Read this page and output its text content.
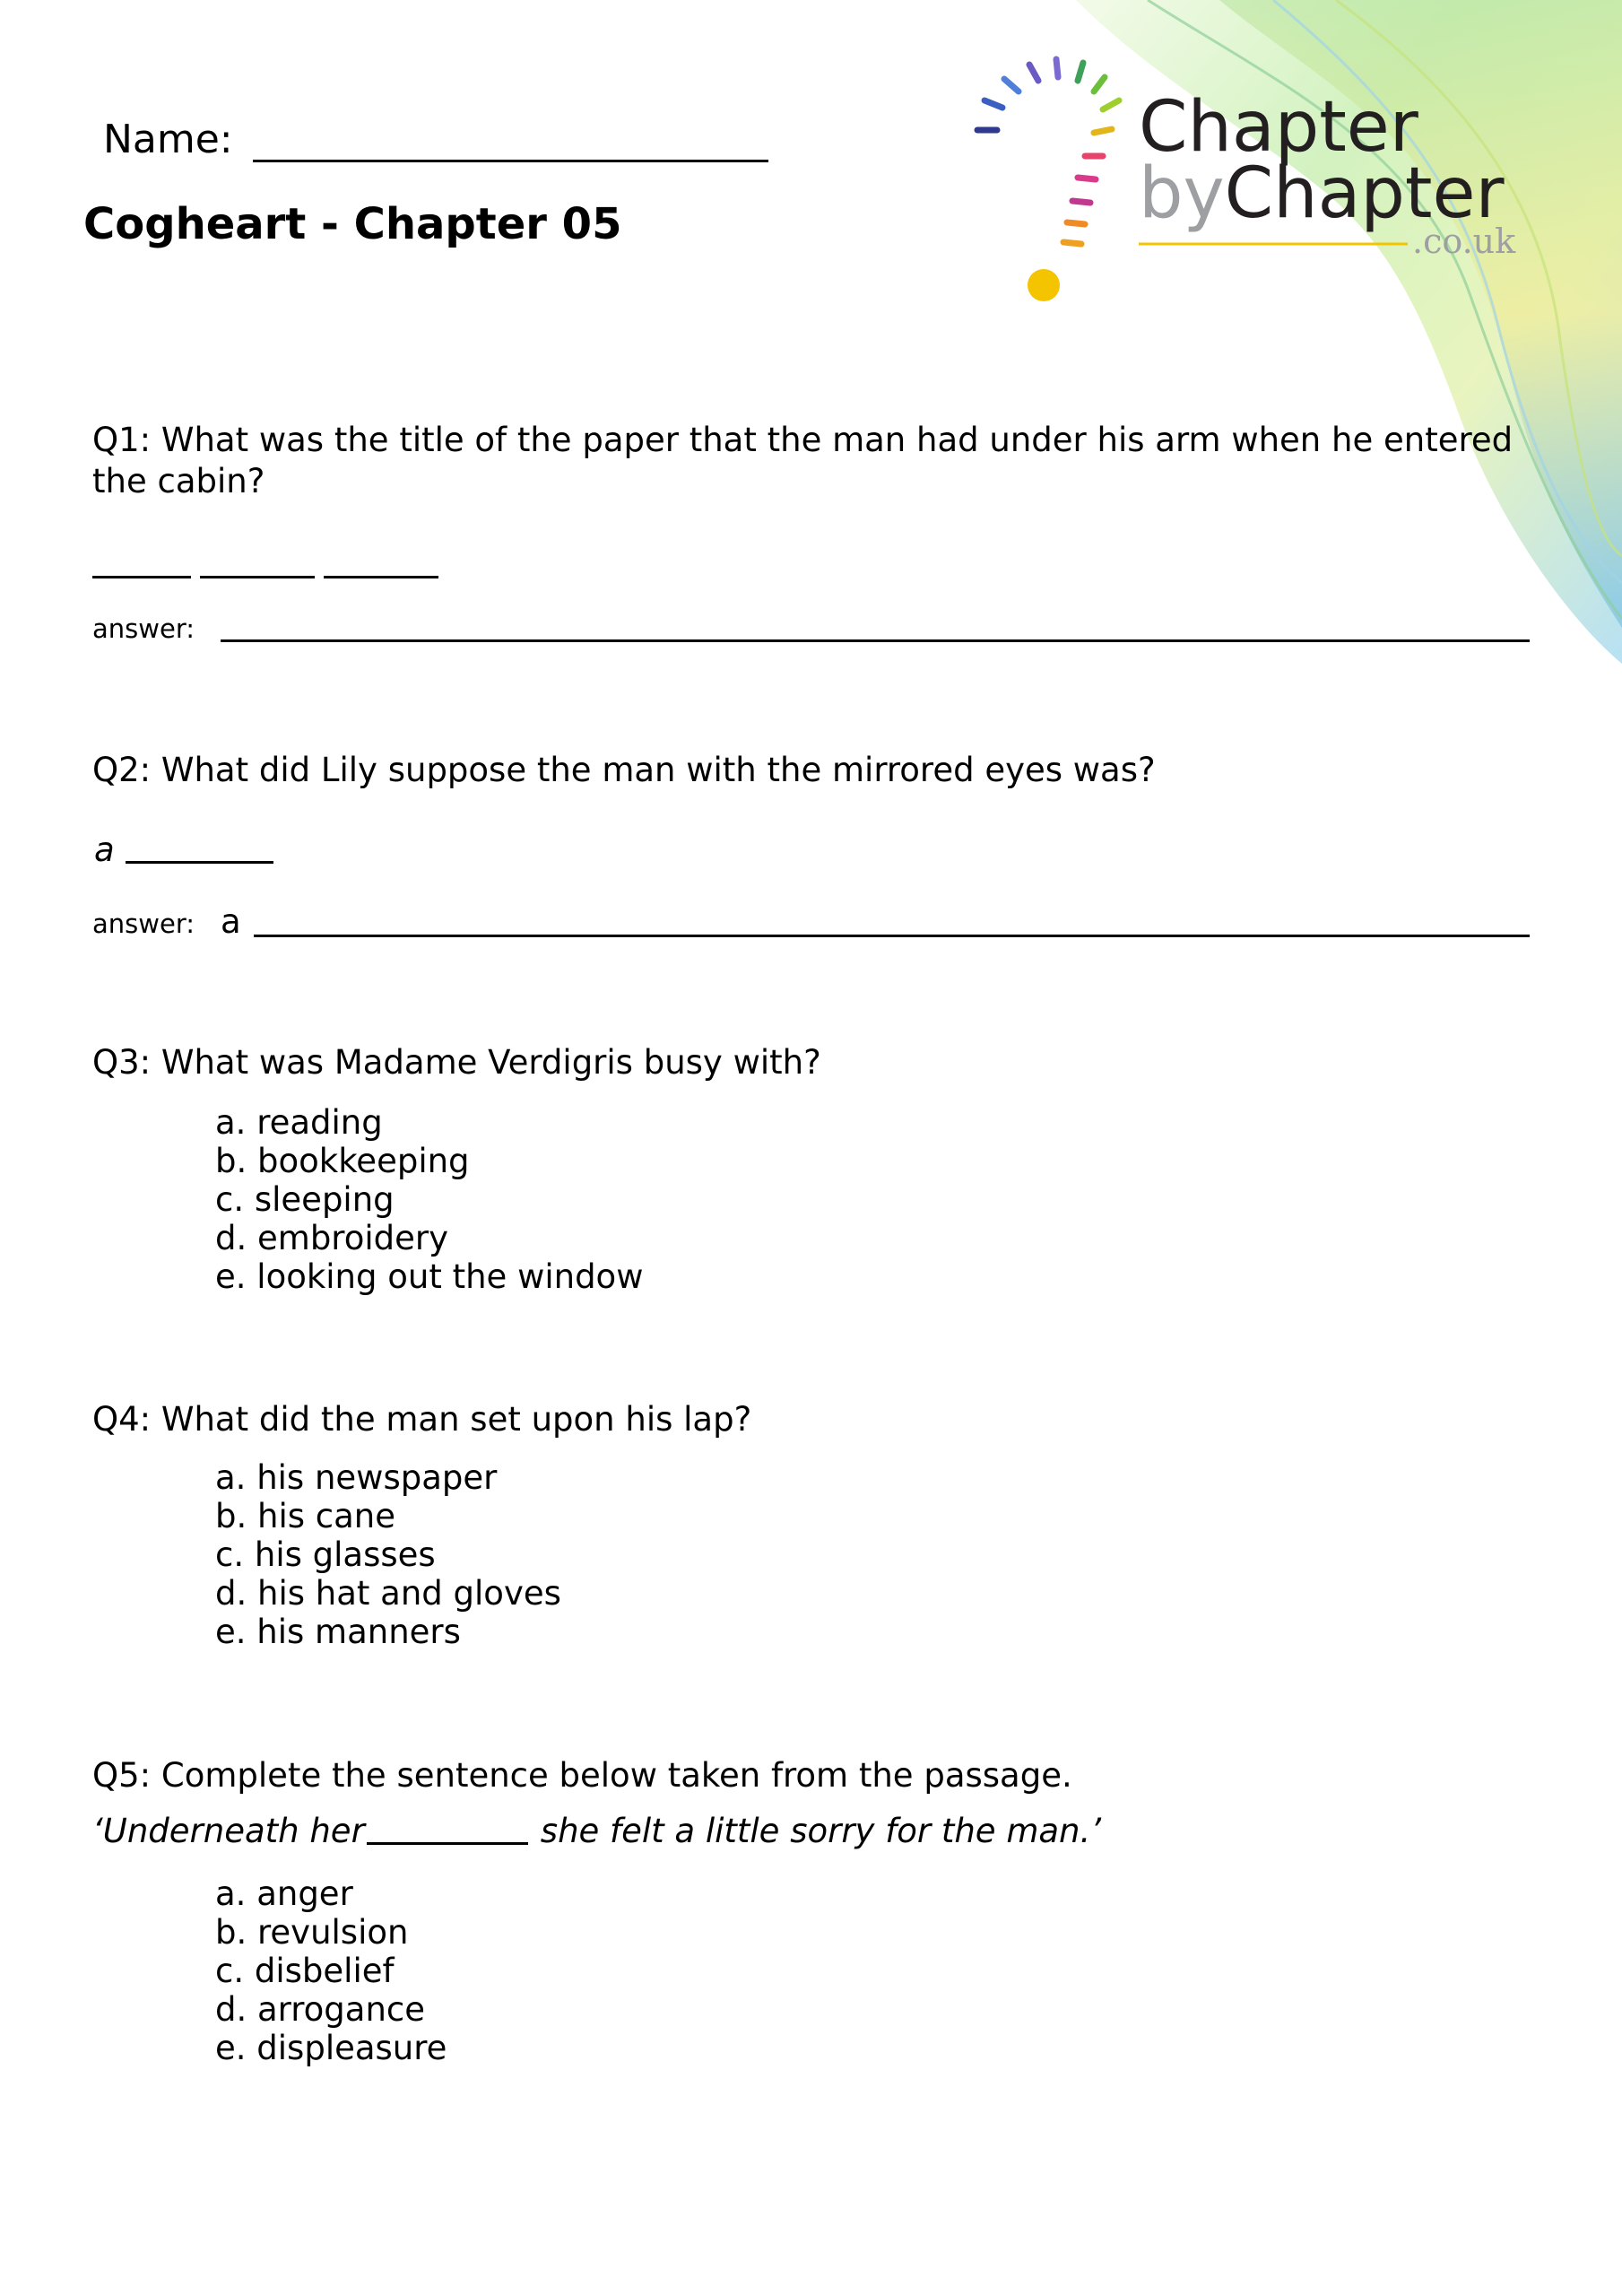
Chapter
byChapter
.co.uk
Name:
Cogheart - Chapter 05

Q1: What was the title of the paper that the man had under his arm when he entered the cabin?

answer:

Q2: What did Lily suppose the man with the mirrored eyes was?

a
answer: a

Q3: What was Madame Verdigris busy with?

a. reading
b. bookkeeping
c. sleeping
d. embroidery
e. looking out the window

Q4: What did the man set upon his lap?

a. his newspaper
b. his cane
c. his glasses
d. his hat and gloves
e. his manners

Q5: Complete the sentence below taken from the passage.

‘Underneath her	she felt a little sorry for the man.’
a. anger
b. revulsion
c. disbelief
d. arrogance
e. displeasure
